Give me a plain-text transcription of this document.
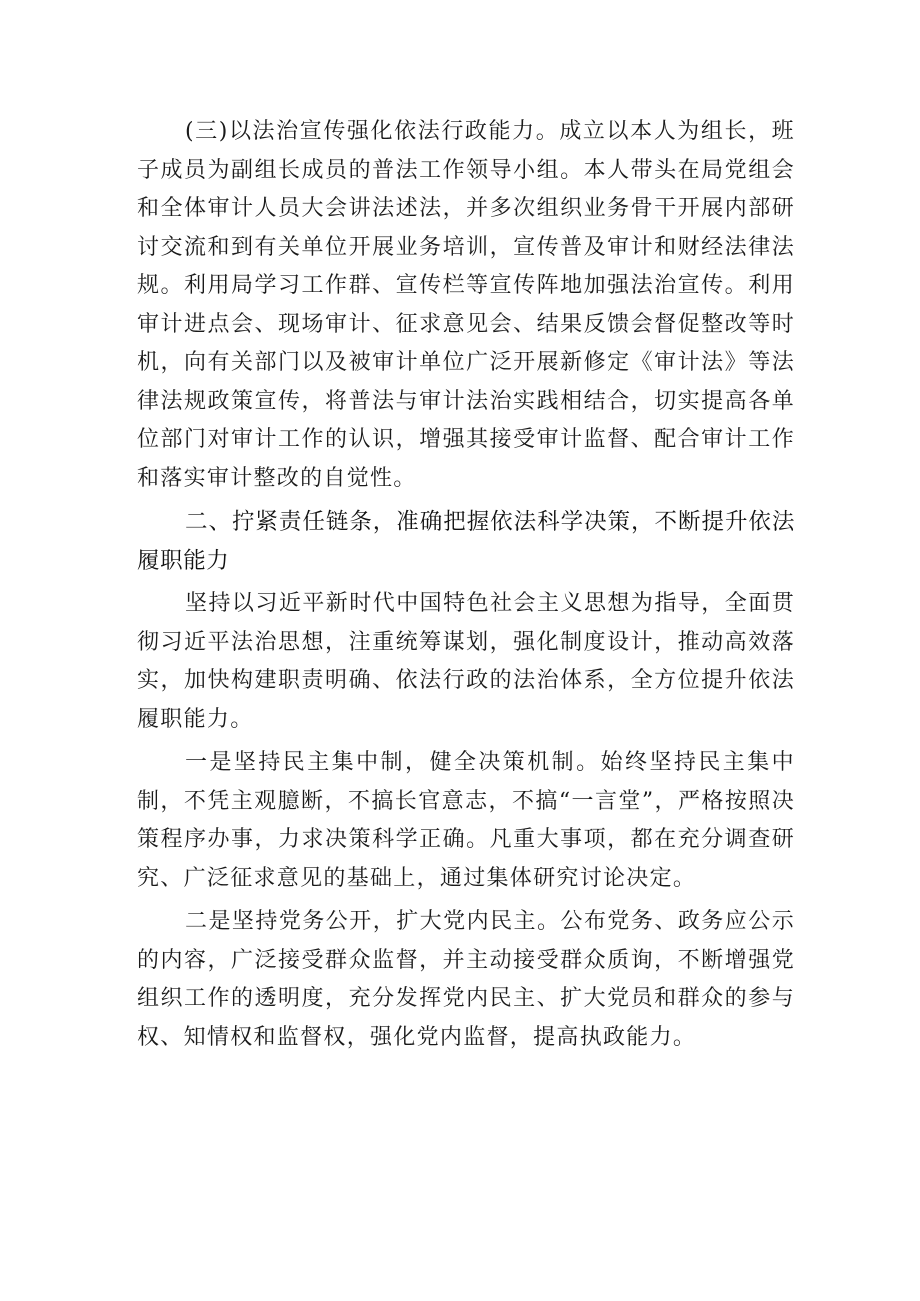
(三)以法治宣传强化依法行政能力。成立以本人为组长，班子成员为副组长成员的普法工作领导小组。本人带头在局党组会和全体审计人员大会讲法述法，并多次组织业务骨干开展内部研讨交流和到有关单位开展业务培训，宣传普及审计和财经法律法规。利用局学习工作群、宣传栏等宣传阵地加强法治宣传。利用审计进点会、现场审计、征求意见会、结果反馈会督促整改等时机，向有关部门以及被审计单位广泛开展新修定《审计法》等法律法规政策宣传，将普法与审计法治实践相结合，切实提高各单位部门对审计工作的认识，增强其接受审计监督、配合审计工作和落实审计整改的自觉性。

二、拧紧责任链条，准确把握依法科学决策，不断提升依法履职能力

坚持以习近平新时代中国特色社会主义思想为指导，全面贯彻习近平法治思想，注重统筹谋划，强化制度设计，推动高效落实，加快构建职责明确、依法行政的法治体系，全方位提升依法履职能力。

一是坚持民主集中制，健全决策机制。始终坚持民主集中制，不凭主观臆断，不搞长官意志，不搞“一言堂”，严格按照决策程序办事，力求决策科学正确。凡重大事项，都在充分调查研究、广泛征求意见的基础上，通过集体研究讨论决定。

二是坚持党务公开，扩大党内民主。公布党务、政务应公示的内容，广泛接受群众监督，并主动接受群众质询，不断增强党组织工作的透明度，充分发挥党内民主、扩大党员和群众的参与权、知情权和监督权，强化党内监督，提高执政能力。
